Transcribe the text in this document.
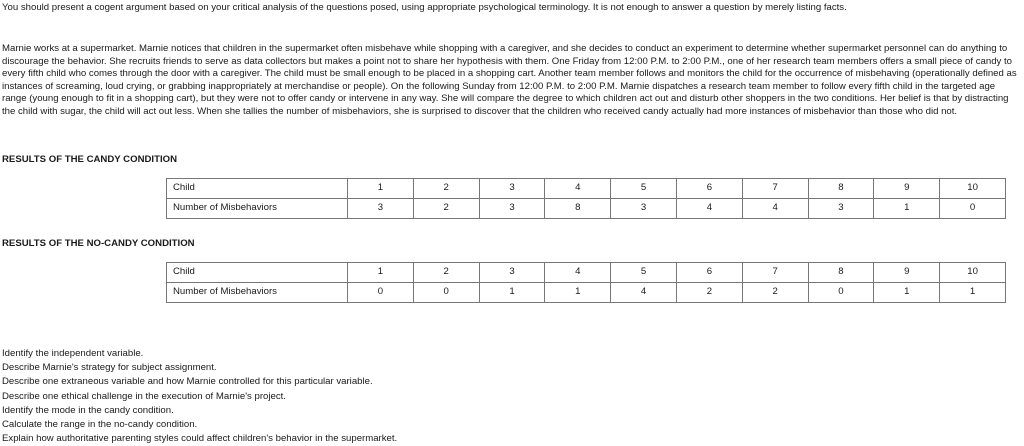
You should present a cogent argument based on your critical analysis of the questions posed, using appropriate psychological terminology. It is not enough to answer a question by merely listing facts.

Marnie works at a supermarket. Marnie notices that children in the supermarket often misbehave while shopping with a caregiver, and she decides to conduct an experiment to determine whether supermarket personnel can do anything to discourage the behavior. She recruits friends to serve as data collectors but makes a point not to share her hypothesis with them. One Friday from 12:00 P.M. to 2:00 P.M., one of her research team members offers a small piece of candy to every fifth child who comes through the door with a caregiver. The child must be small enough to be placed in a shopping cart. Another team member follows and monitors the child for the occurrence of misbehaving (operationally defined as instances of screaming, loud crying, or grabbing inappropriately at merchandise or people). On the following Sunday from 12:00 P.M. to 2:00 P.M. Marnie dispatches a research team member to follow every fifth child in the targeted age range (young enough to fit in a shopping cart), but they were not to offer candy or intervene in any way. She will compare the degree to which children act out and disturb other shoppers in the two conditions. Her belief is that by distracting the child with sugar, the child will act out less. When she tallies the number of misbehaviors, she is surprised to discover that the children who received candy actually had more instances of misbehavior than those who did not.

RESULTS OF THE CANDY CONDITION
Child	1	2	3	4	5	6	7	8	9	10
Number of Misbehaviors	3	2	3	8	3	4	4	3	1	0
RESULTS OF THE NO-CANDY CONDITION
Child	1	2	3	4	5	6	7	8	9	10
Number of Misbehaviors	0	0	1	1	4	2	2	0	1	1
Identify the independent variable.
Describe Marnie's strategy for subject assignment.
Describe one extraneous variable and how Marnie controlled for this particular variable.
Describe one ethical challenge in the execution of Marnie's project.
Identify the mode in the candy condition.
Calculate the range in the no-candy condition.
Explain how authoritative parenting styles could affect children's behavior in the supermarket.
